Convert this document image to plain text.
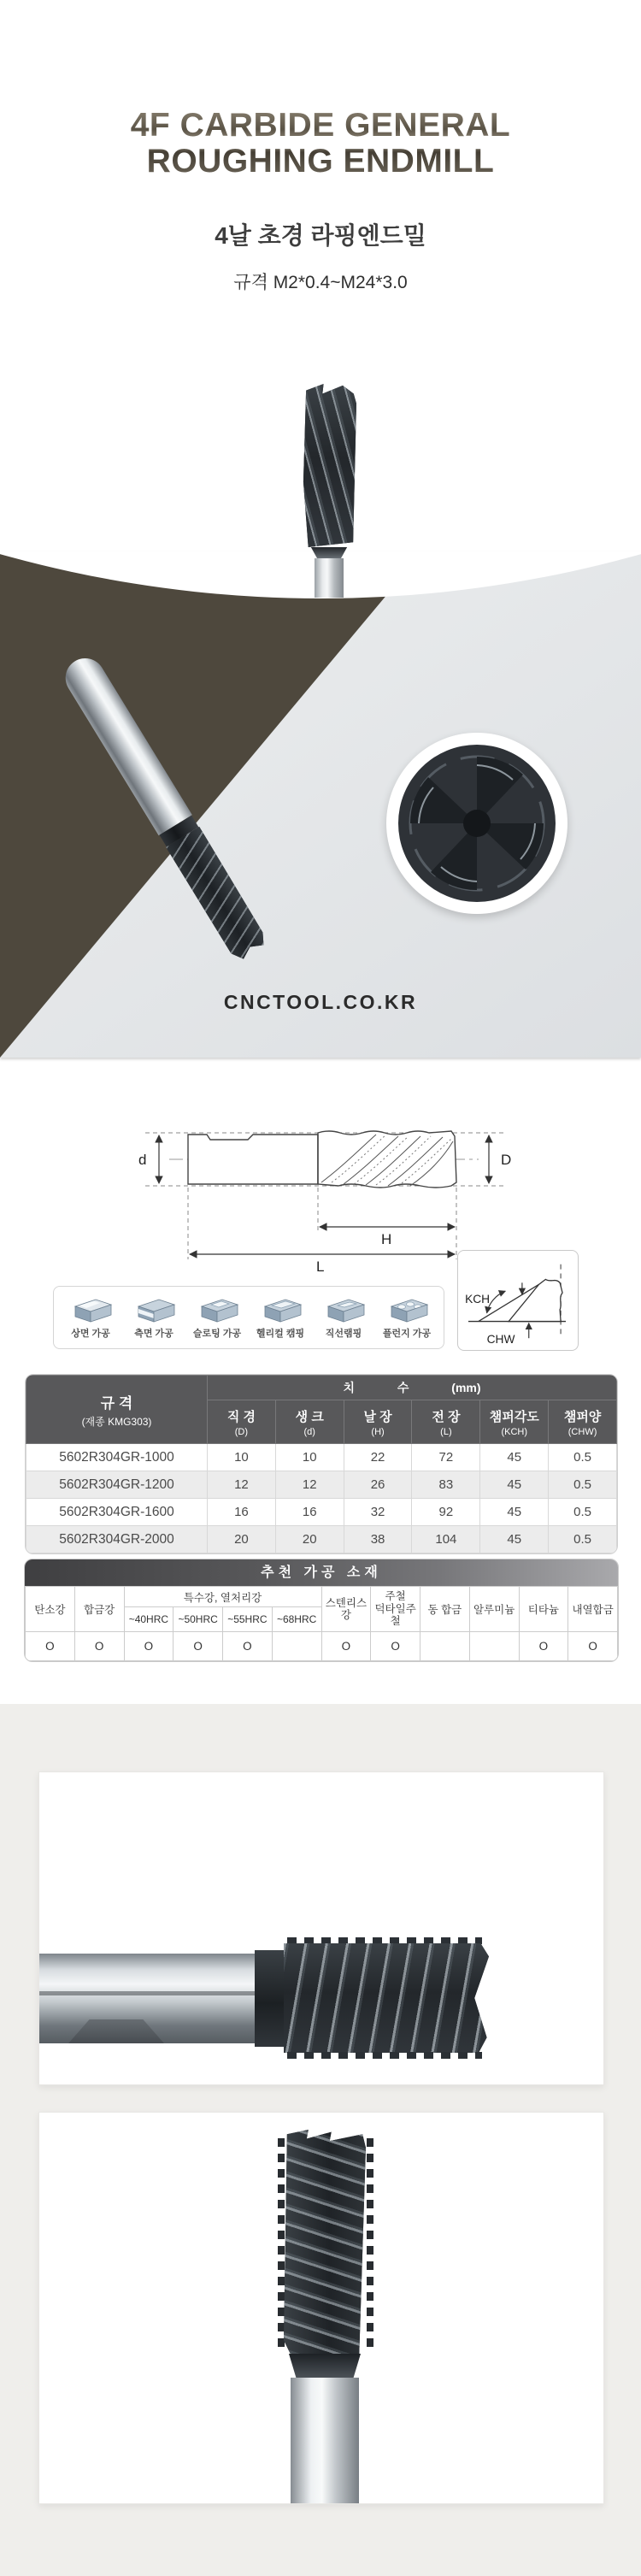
4F CARBIDE GENERAL
ROUGHING ENDMILL
4날 초경 라핑엔드밀
규격 M2*0.4~M24*3.0
CNCTOOL.CO.KR
d	D
H
L
KCH
CHW
상면 가공	측면 가공 슬로팅 가공 헬리컬 캠핑 직선램핑 플런지 가공
규 격
(재종 KMG303)	치 수 (mm)					

직 경
(D)

생 크
(d)

날 장
(H)

전 장
(L)

챔퍼각도
(KCH)

챔퍼양
(CHW)

5602R304GR-1000	10	10	22	72	45	0.5
5602R304GR-1200	12	12	26	83	45	0.5
5602R304GR-1600	16	16	32	92	45	0.5
5602R304GR-2000	20	20	38	104	45	0.5
추천 가공 소재
탄소강	합금강	특수강, 열처리강	스텐리스
강

주철
덕타일주철
	동 합금	알루미늄	티타늄	내열합금
		~40HRC	~50HRC	~55HRC	~68HRC						
O	O	O	O	O		O	O			O	O
